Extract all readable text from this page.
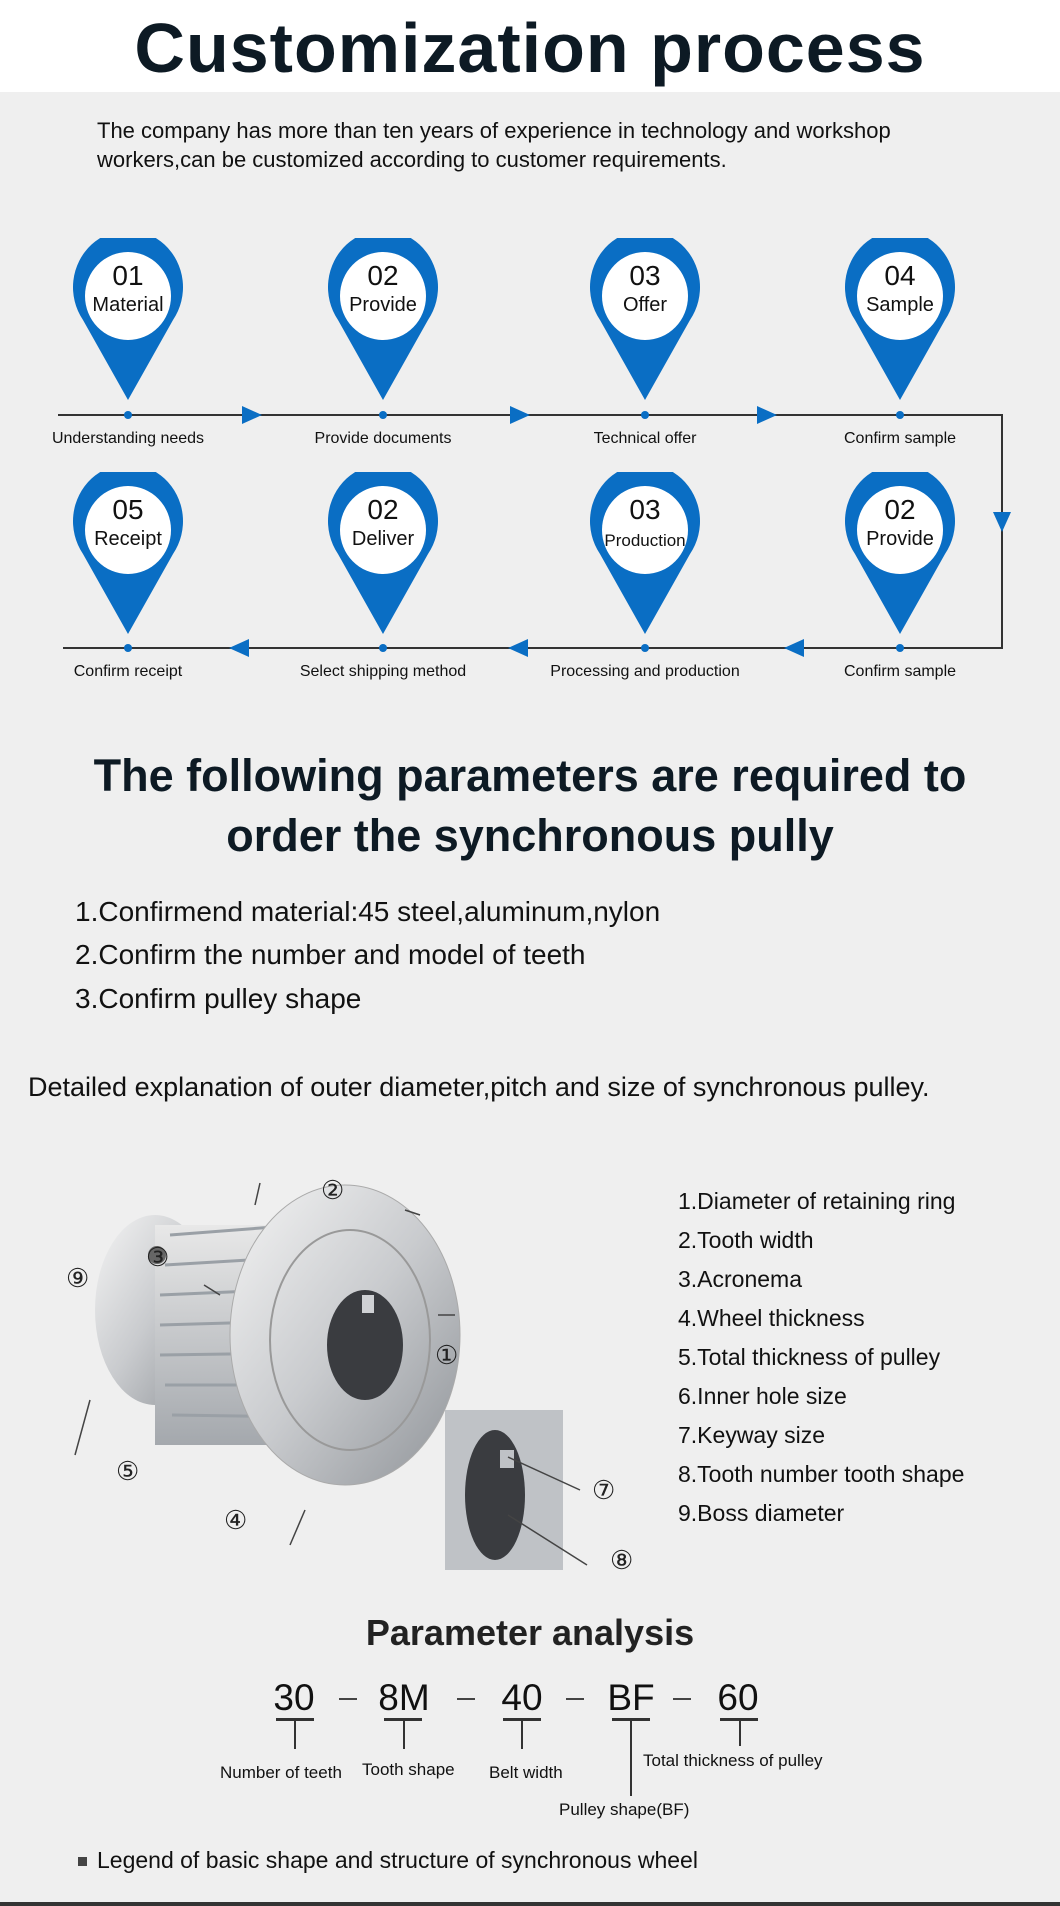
Customization process
The company has more than ten years of experience in technology and workshop workers,can be customized according to customer requirements.
01
Material
Understanding needs
02
Provide
Provide documents
03
Offer
Technical offer
04
Sample
Confirm sample
05
Receipt
Confirm receipt
02
Deliver
Select shipping method
03
Production
Processing and production
02
Provide
Confirm sample
The following parameters are required to
order the synchronous pully
1.Confirmend material:45 steel,aluminum,nylon
2.Confirm the number and model of teeth
3.Confirm pulley shape
Detailed explanation of outer diameter,pitch and size of synchronous pulley.
②
③
⑨
①
⑤
④
⑦
⑧
1.Diameter of retaining ring
2.Tooth width
3.Acronema
4.Wheel thickness
5.Total thickness of pulley
6.Inner hole size
7.Keyway size
8.Tooth number tooth shape
9.Boss diameter
Parameter analysis
30	8M	40	BF	60
Number of teeth Tooth shape Belt width
Total thickness of pulley
Pulley shape(BF)
Legend of basic shape and structure of synchronous wheel
